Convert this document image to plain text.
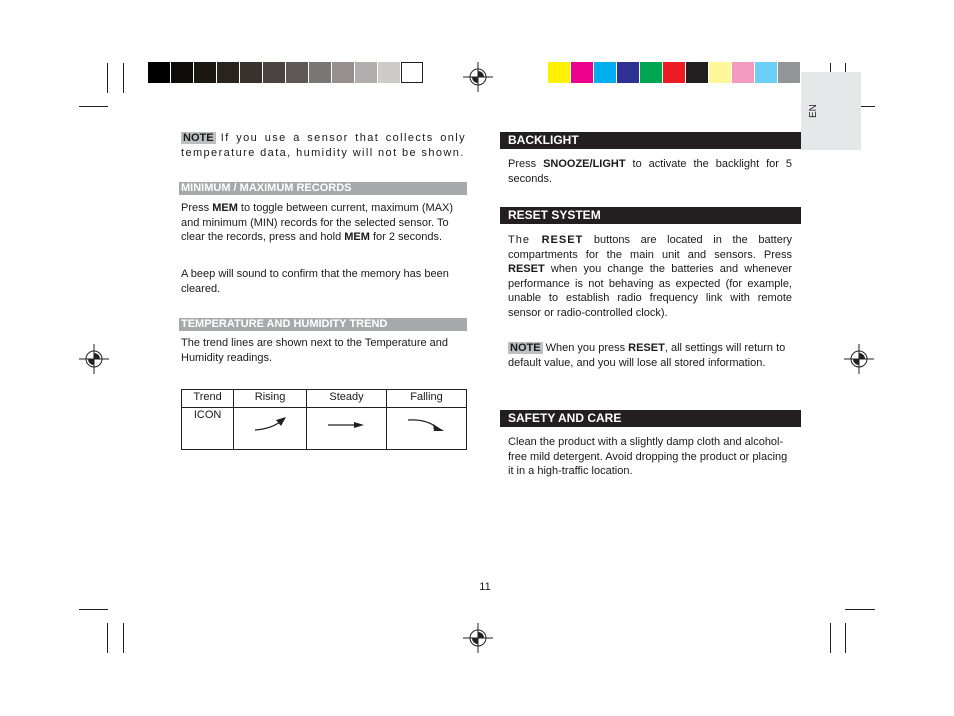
EN

NOTE If you use a sensor that collects only temperature data, humidity will not be shown.

MINIMUM / MAXIMUM RECORDS

Press MEM to toggle between current, maximum (MAX) and minimum (MIN) records for the selected sensor. To clear the records, press and hold MEM for 2 seconds.

A beep will sound to confirm that the memory has been cleared.

TEMPERATURE AND HUMIDITY TREND

The trend lines are shown next to the Temperature and Humidity readings.

Trend	Rising	Steady	Falling
ICON			
BACKLIGHT

Press SNOOZE/LIGHT to activate the backlight for 5 seconds.

RESET SYSTEM

The RESET buttons are located in the battery compartments for the main unit and sensors. Press RESET when you change the batteries and whenever performance is not behaving as expected (for example, unable to establish radio frequency link with remote sensor or radio-controlled clock).

NOTE When you press RESET, all settings will return to default value, and you will lose all stored information.

SAFETY AND CARE

Clean the product with a slightly damp cloth and alcohol-free mild detergent. Avoid dropping the product or placing it in a high-traffic location.

11
